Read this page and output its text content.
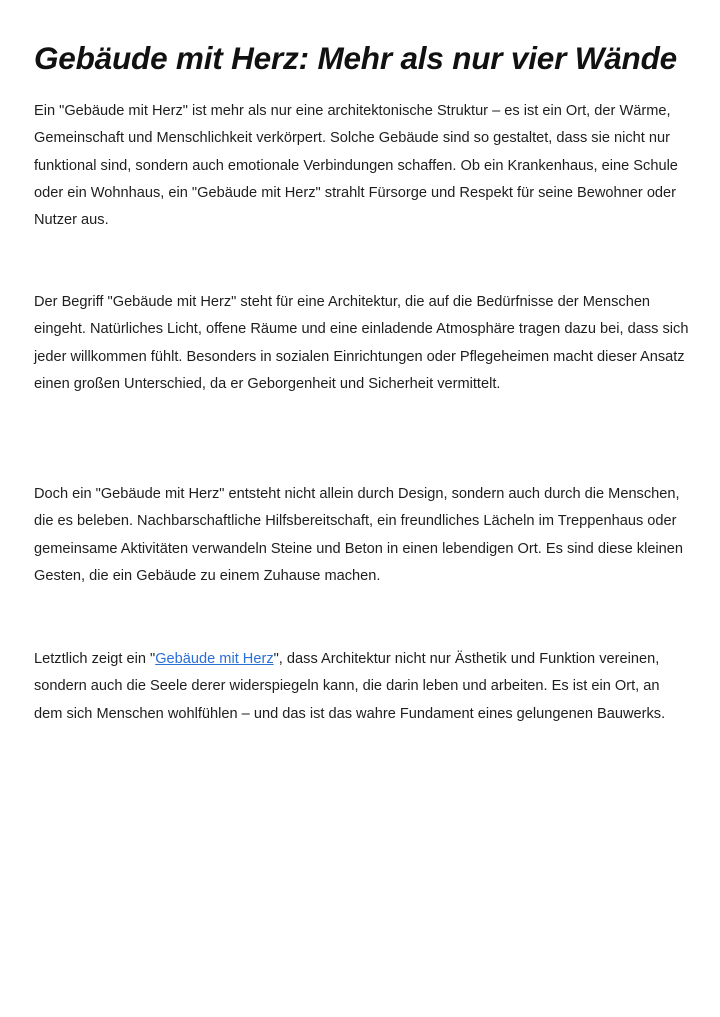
Gebäude mit Herz: Mehr als nur vier Wände

Ein "Gebäude mit Herz" ist mehr als nur eine architektonische Struktur – es ist ein Ort, der Wärme, Gemeinschaft und Menschlichkeit verkörpert. Solche Gebäude sind so gestaltet, dass sie nicht nur funktional sind, sondern auch emotionale Verbindungen schaffen. Ob ein Krankenhaus, eine Schule oder ein Wohnhaus, ein "Gebäude mit Herz" strahlt Fürsorge und Respekt für seine Bewohner oder Nutzer aus.

Der Begriff "Gebäude mit Herz" steht für eine Architektur, die auf die Bedürfnisse der Menschen eingeht. Natürliches Licht, offene Räume und eine einladende Atmosphäre tragen dazu bei, dass sich jeder willkommen fühlt. Besonders in sozialen Einrichtungen oder Pflegeheimen macht dieser Ansatz einen großen Unterschied, da er Geborgenheit und Sicherheit vermittelt.

Doch ein "Gebäude mit Herz" entsteht nicht allein durch Design, sondern auch durch die Menschen, die es beleben. Nachbarschaftliche Hilfsbereitschaft, ein freundliches Lächeln im Treppenhaus oder gemeinsame Aktivitäten verwandeln Steine und Beton in einen lebendigen Ort. Es sind diese kleinen Gesten, die ein Gebäude zu einem Zuhause machen.

Letztlich zeigt ein "Gebäude mit Herz", dass Architektur nicht nur Ästhetik und Funktion vereinen, sondern auch die Seele derer widerspiegeln kann, die darin leben und arbeiten. Es ist ein Ort, an dem sich Menschen wohlfühlen – und das ist das wahre Fundament eines gelungenen Bauwerks.
